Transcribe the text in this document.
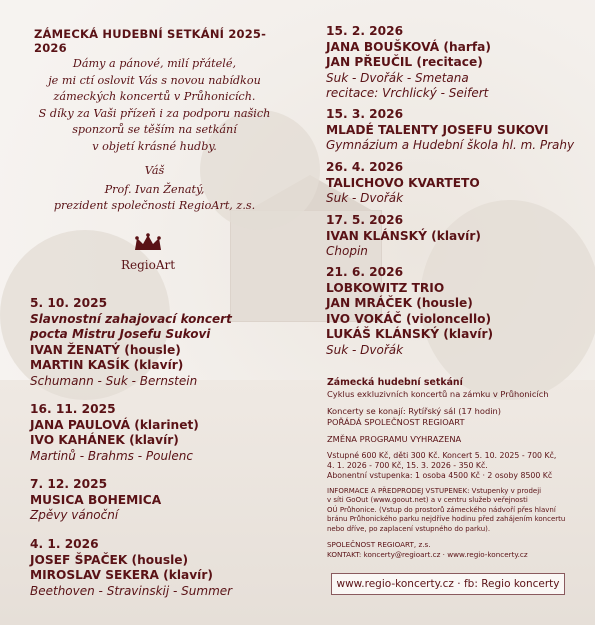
ZÁMECKÁ HUDEBNÍ SETKÁNÍ 2025-2026
Dámy a pánové, milí přátelé,
je mi ctí oslovit Vás s novou nabídkou
zámeckých koncertů v Průhonicích.
S díky za Vaši přízeň i za podporu našich
sponzorů se těším na setkání
v objetí krásné hudby.
Váš
Prof. Ivan Ženatý,
prezident společnosti RegioArt, z.s.
RegioArt
5. 10. 2025
Slavnostní zahajovací koncert
pocta Mistru Josefu Sukovi
IVAN ŽENATÝ (housle)
MARTIN KASÍK (klavír)
Schumann - Suk - Bernstein
16. 11. 2025
JANA PAULOVÁ (klarinet)
IVO KAHÁNEK (klavír)
Martinů - Brahms - Poulenc
7. 12. 2025
MUSICA BOHEMICA
Zpěvy vánoční
4. 1. 2026
JOSEF ŠPAČEK (housle)
MIROSLAV SEKERA (klavír)
Beethoven - Stravinskij - Summer
15. 2. 2026
JANA BOUŠKOVÁ (harfa)
JAN PŘEUČIL (recitace)
Suk - Dvořák - Smetana
recitace: Vrchlický - Seifert
15. 3. 2026
MLADÉ TALENTY JOSEFU SUKOVI
Gymnázium a Hudební škola hl. m. Prahy
26. 4. 2026
TALICHOVO KVARTETO
Suk - Dvořák
17. 5. 2026
IVAN KLÁNSKÝ (klavír)
Chopin
21. 6. 2026
LOBKOWITZ TRIO
JAN MRÁČEK (housle)
IVO VOKÁČ (violoncello)
LUKÁŠ KLÁNSKÝ (klavír)
Suk - Dvořák
Zámecká hudební setkání
Cyklus exkluzivních koncertů na zámku v Průhonicích
Koncerty se konají: Rytířský sál (17 hodin)
POŘÁDÁ SPOLEČNOST REGIOART
ZMĚNA PROGRAMU VYHRAZENA
Vstupné 600 Kč, děti 300 Kč. Koncert 5. 10. 2025 - 700 Kč,
4. 1. 2026 - 700 Kč, 15. 3. 2026 - 350 Kč.
Abonentní vstupenka: 1 osoba 4500 Kč · 2 osoby 8500 Kč
INFORMACE A PŘEDPRODEJ VSTUPENEK: Vstupenky v prodeji
v síti GoOut (www.goout.net) a v centru služeb veřejnosti
OÚ Průhonice. (Vstup do prostorů zámeckého nádvoří přes hlavní
bránu Průhonického parku nejdříve hodinu před zahájením koncertu
nebo dříve, po zaplacení vstupného do parku).
SPOLEČNOST REGIOART, z.s.
KONTAKT: koncerty@regioart.cz · www.regio-koncerty.cz
www.regio-koncerty.cz · fb: Regio koncerty
